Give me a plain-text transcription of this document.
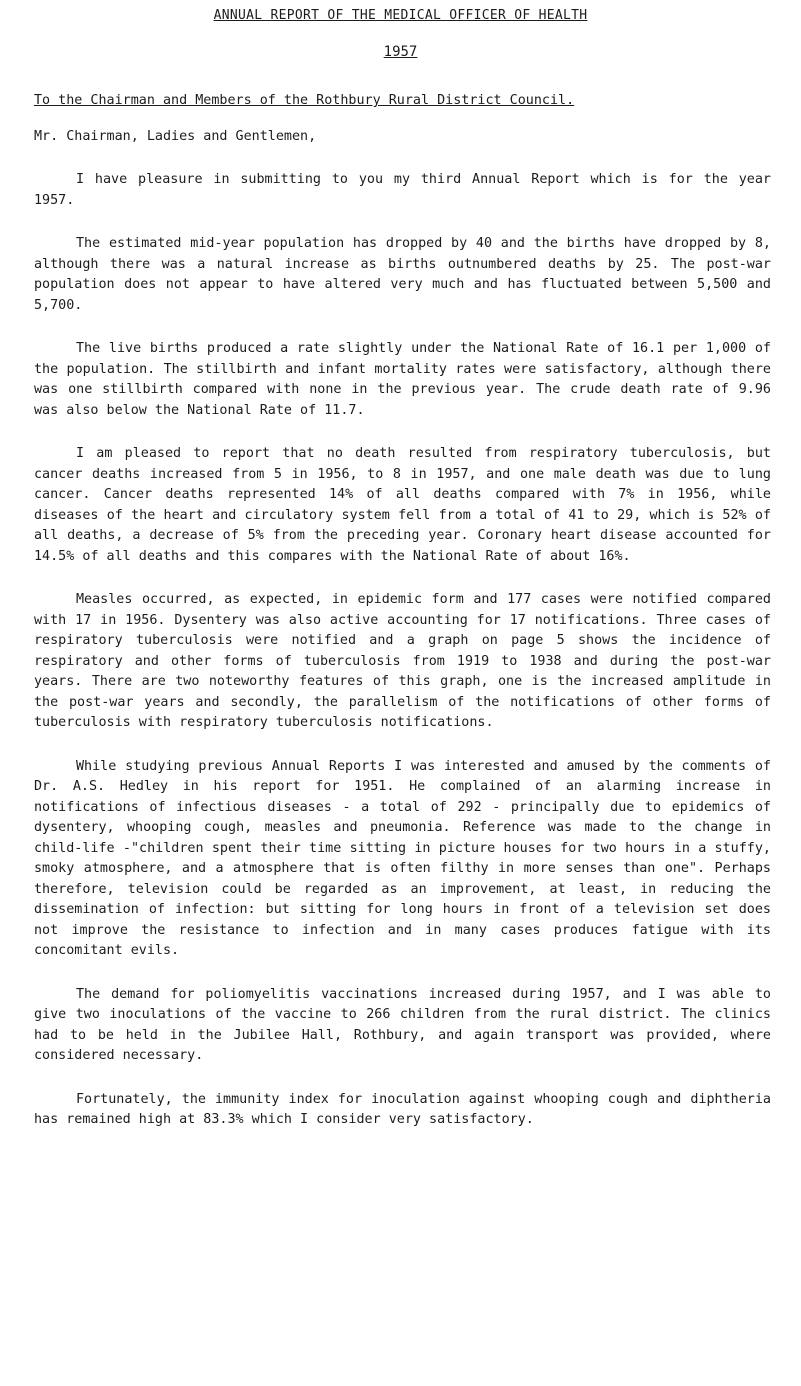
ANNUAL REPORT OF THE MEDICAL OFFICER OF HEALTH
1957
To the Chairman and Members of the Rothbury Rural District Council.
Mr. Chairman, Ladies and Gentlemen,

I have pleasure in submitting to you my third Annual Report which is for the year 1957.

The estimated mid-year population has dropped by 40 and the births have dropped by 8, although there was a natural increase as births outnumbered deaths by 25. The post-war population does not appear to have altered very much and has fluctuated between 5,500 and 5,700.

The live births produced a rate slightly under the National Rate of 16.1 per 1,000 of the population. The stillbirth and infant mortality rates were satisfactory, although there was one stillbirth compared with none in the previous year. The crude death rate of 9.96 was also below the National Rate of 11.7.

I am pleased to report that no death resulted from respiratory tuberculosis, but cancer deaths increased from 5 in 1956, to 8 in 1957, and one male death was due to lung cancer. Cancer deaths represented 14% of all deaths compared with 7% in 1956, while diseases of the heart and circulatory system fell from a total of 41 to 29, which is 52% of all deaths, a decrease of 5% from the preceding year. Coronary heart disease accounted for 14.5% of all deaths and this compares with the National Rate of about 16%.

Measles occurred, as expected, in epidemic form and 177 cases were notified compared with 17 in 1956. Dysentery was also active accounting for 17 notifications. Three cases of respiratory tuberculosis were notified and a graph on page 5 shows the incidence of respiratory and other forms of tuberculosis from 1919 to 1938 and during the post-war years. There are two noteworthy features of this graph, one is the increased amplitude in the post-war years and secondly, the parallelism of the notifications of other forms of tuberculosis with respiratory tuberculosis notifications.

While studying previous Annual Reports I was interested and amused by the comments of Dr. A.S. Hedley in his report for 1951. He complained of an alarming increase in notifications of infectious diseases - a total of 292 - principally due to epidemics of dysentery, whooping cough, measles and pneumonia. Reference was made to the change in child-life -"children spent their time sitting in picture houses for two hours in a stuffy, smoky atmosphere, and a atmosphere that is often filthy in more senses than one". Perhaps therefore, television could be regarded as an improvement, at least, in reducing the dissemination of infection: but sitting for long hours in front of a television set does not improve the resistance to infection and in many cases produces fatigue with its concomitant evils.

The demand for poliomyelitis vaccinations increased during 1957, and I was able to give two inoculations of the vaccine to 266 children from the rural district. The clinics had to be held in the Jubilee Hall, Rothbury, and again transport was provided, where considered necessary.

Fortunately, the immunity index for inoculation against whooping cough and diphtheria has remained high at 83.3% which I consider very satisfactory.
